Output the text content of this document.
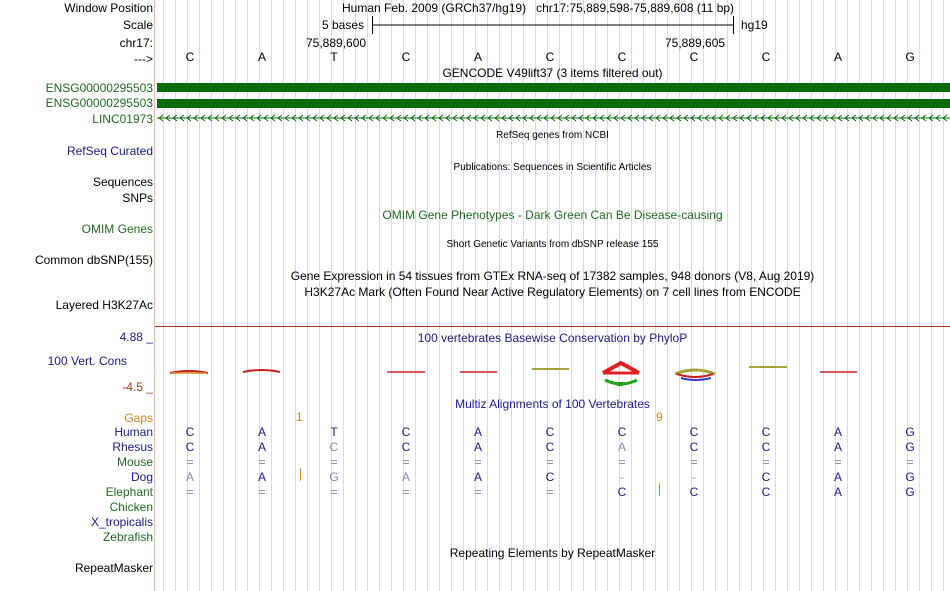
Window Position
Scale
chr17:
--->
Human Feb. 2009 (GRCh37/hg19)   chr17:75,889,598-75,889,608 (11 bp)
5 bases	hg19
75,889,600	75,889,605
C	A	T	C	A	C	C	C	C	A	G
GENCODE V49lift37 (3 items filtered out)
ENSG00000295503
ENSG00000295503
LINC01973
RefSeq genes from NCBI
RefSeq Curated
Publications: Sequences in Scientific Articles
Sequences
SNPs
OMIM Gene Phenotypes - Dark Green Can Be Disease-causing
OMIM Genes
Short Genetic Variants from dbSNP release 155
Common dbSNP(155)
Gene Expression in 54 tissues from GTEx RNA-seq of 17382 samples, 948 donors (V8, Aug 2019)
H3K27Ac Mark (Often Found Near Active Regulatory Elements) on 7 cell lines from ENCODE
Layered H3K27Ac
4.88 _	100 vertebrates Basewise Conservation by PhyloP
100 Vert. Cons
-4.5 _
Multiz Alignments of 100 Vertebrates
Gaps	1	9
Human	C	A	T	C	A	C	C	C	C	A	G
Rhesus	C	A	C	C	A	C	A	C	C	A	G
Mouse	=	=	=	=	=	=	=	=	=	=	=
Dog	A	A	G	A	A	C	-	-	C	A	G
Elephant	=	=	=	=	=	=	C	C	C	A	G
Chicken
X_tropicalis
Zebrafish
Repeating Elements by RepeatMasker
RepeatMasker
